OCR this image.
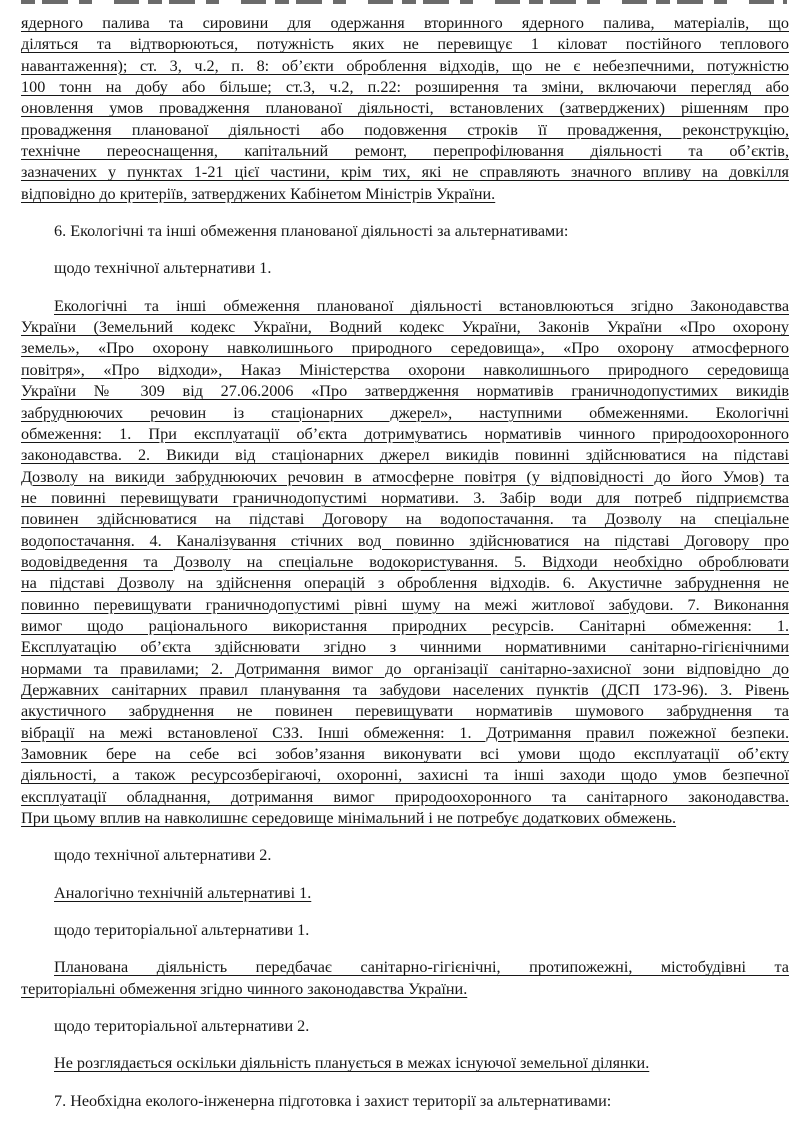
ядерного палива та сировини для одержання вторинного ядерного палива, матеріалів, що
діляться та відтворюються, потужність яких не перевищує 1 кіловат постійного теплового
навантаження); ст. 3, ч.2, п. 8: об’єкти оброблення відходів, що не є небезпечними, потужністю
100 тонн на добу або більше; ст.3, ч.2, п.22: розширення та зміни, включаючи перегляд або
оновлення умов провадження планованої діяльності, встановлених (затверджених) рішенням про
провадження планованої діяльності або подовження строків її провадження, реконструкцію,
технічне переоснащення, капітальний ремонт, перепрофілювання діяльності та об’єктів,
зазначених у пунктах 1-21 цієї частини, крім тих, які не справляють значного впливу на довкілля
відповідно до критеріїв, затверджених Кабінетом Міністрів України.

6. Екологічні та інші обмеження планованої діяльності за альтернативами:

щодо технічної альтернативи 1.

Екологічні та інші обмеження планованої діяльності встановлюються згідно Законодавства
України (Земельний кодекс України, Водний кодекс України, Законів України «Про охорону
земель», «Про охорону навколишнього природного середовища», «Про охорону атмосферного
повітря», «Про відходи», Наказ Міністерства охорони навколишнього природного середовища
України № 309 від 27.06.2006 «Про затвердження нормативів граничнодопустимих викидів
забруднюючих речовин із стаціонарних джерел», наступними обмеженнями. Екологічні
обмеження: 1. При експлуатації об’єкта дотримуватись нормативів чинного природоохоронного
законодавства. 2. Викиди від стаціонарних джерел викидів повинні здійснюватися на підставі
Дозволу на викиди забруднюючих речовин в атмосферне повітря (у відповідності до його Умов) та
не повинні перевищувати граничнодопустимі нормативи. 3. Забір води для потреб підприємства
повинен здійснюватися на підставі Договору на водопостачання. та Дозволу на спеціальне
водопостачання. 4. Каналізування стічних вод повинно здійснюватися на підставі Договору про
водовідведення та Дозволу на спеціальне водокористування. 5. Відходи необхідно оброблювати
на підставі Дозволу на здійснення операцій з оброблення відходів. 6. Акустичне забруднення не
повинно перевищувати граничнодопустимі рівні шуму на межі житлової забудови. 7. Виконання
вимог щодо раціонального використання природних ресурсів. Санітарні обмеження: 1.
Експлуатацію об’єкта здійснювати згідно з чинними нормативними санітарно-гігієнічними
нормами та правилами; 2. Дотримання вимог до організації санітарно-захисної зони відповідно до
Державних санітарних правил планування та забудови населених пунктів (ДСП 173-96). 3. Рівень
акустичного забруднення не повинен перевищувати нормативів шумового забруднення та
вібрації на межі встановленої СЗЗ. Інші обмеження: 1. Дотримання правил пожежної безпеки.
Замовник бере на себе всі зобов’язання виконувати всі умови щодо експлуатації об’єкту
діяльності, а також ресурсозберігаючі, охоронні, захисні та інші заходи щодо умов безпечної
експлуатації обладнання, дотримання вимог природоохоронного та санітарного законодавства.
При цьому вплив на навколишнє середовище мінімальний і не потребує додаткових обмежень.

щодо технічної альтернативи 2.

Аналогічно технічній альтернативі 1.

щодо територіальної альтернативи 1.

Планована діяльність передбачає санітарно-гігієнічні, протипожежні, містобудівні та
територіальні обмеження згідно чинного законодавства України.

щодо територіальної альтернативи 2.

Не розглядається оскільки діяльність планується в межах існуючої земельної ділянки.

7. Необхідна еколого-інженерна підготовка і захист території за альтернативами:
